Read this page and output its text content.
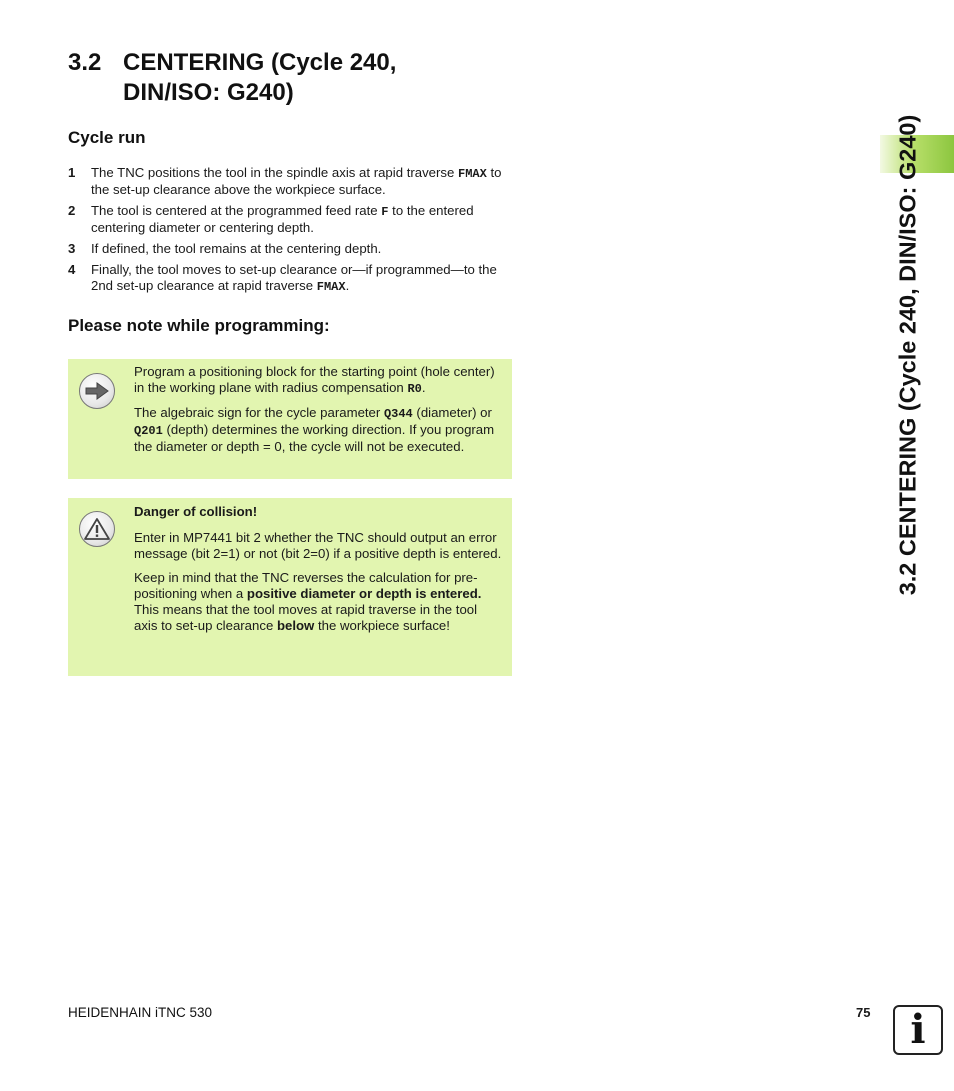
3.2 CENTERING (Cycle 240,
DIN/ISO: G240)
Cycle run
1	The TNC positions the tool in the spindle axis at rapid traverse FMAX to the set-up clearance above the workpiece surface.
2	The tool is centered at the programmed feed rate F to the entered centering diameter or centering depth.
3	If defined, the tool remains at the centering depth.
4	Finally, the tool moves to set-up clearance or—if programmed—to the 2nd set-up clearance at rapid traverse FMAX.
Please note while programming:

Program a positioning block for the starting point (hole center) in the working plane with radius compensation R0.

The algebraic sign for the cycle parameter Q344 (diameter) or Q201 (depth) determines the working direction. If you program the diameter or depth = 0, the cycle will not be executed.

Danger of collision!

Enter in MP7441 bit 2 whether the TNC should output an error message (bit 2=1) or not (bit 2=0) if a positive depth is entered.

Keep in mind that the TNC reverses the calculation for pre-positioning when a positive diameter or depth is entered. This means that the tool moves at rapid traverse in the tool axis to set-up clearance below the workpiece surface!

3.2 CENTERING (Cycle 240, DIN/ISO: G240)
HEIDENHAIN iTNC 530	75 i
